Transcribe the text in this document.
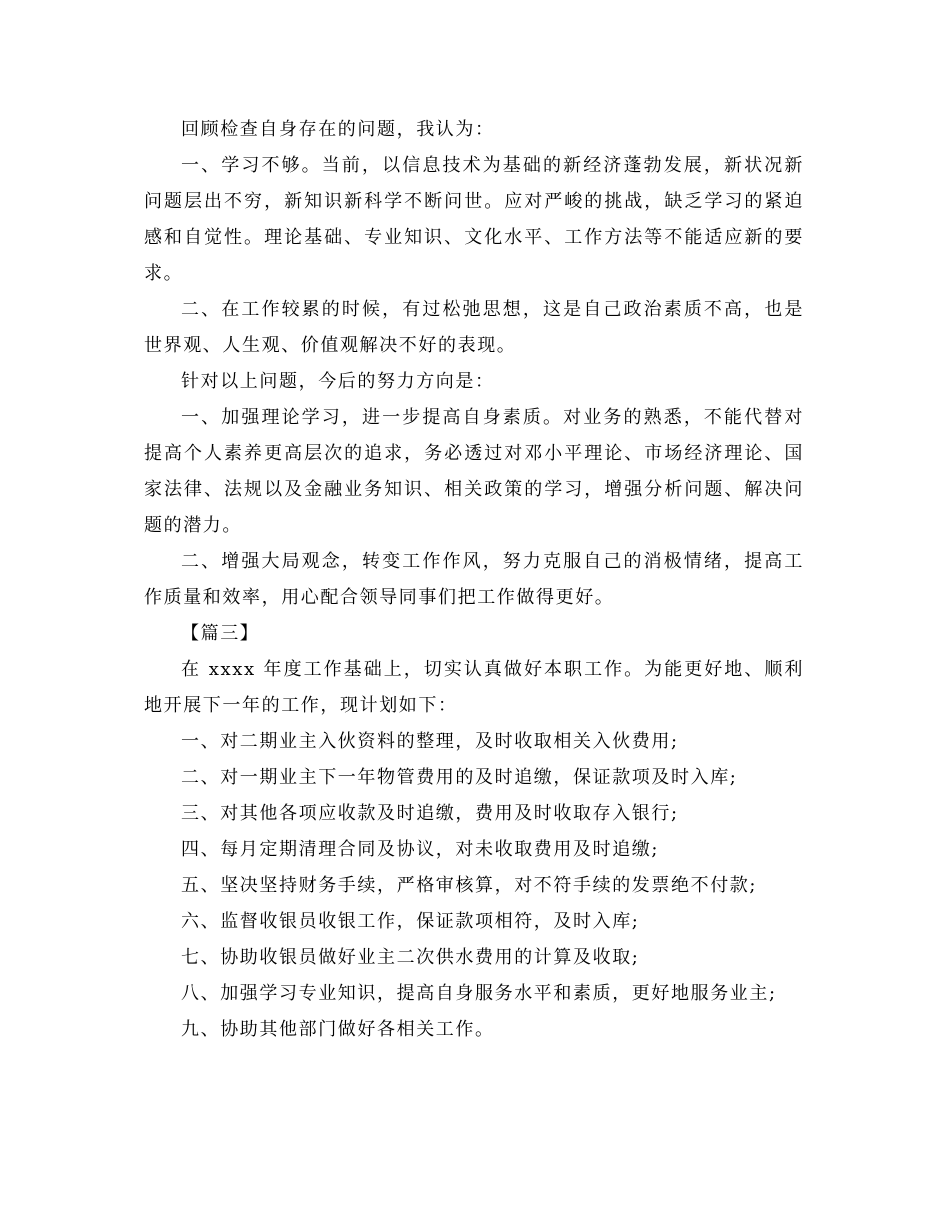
回顾检查自身存在的问题，我认为：

一、学习不够。当前，以信息技术为基础的新经济蓬勃发展，新状况新问题层出不穷，新知识新科学不断问世。应对严峻的挑战，缺乏学习的紧迫感和自觉性。理论基础、专业知识、文化水平、工作方法等不能适应新的要求。

二、在工作较累的时候，有过松弛思想，这是自己政治素质不高，也是世界观、人生观、价值观解决不好的表现。

针对以上问题，今后的努力方向是：

一、加强理论学习，进一步提高自身素质。对业务的熟悉，不能代替对提高个人素养更高层次的追求，务必透过对邓小平理论、市场经济理论、国家法律、法规以及金融业务知识、相关政策的学习，增强分析问题、解决问题的潜力。

二、增强大局观念，转变工作作风，努力克服自己的消极情绪，提高工作质量和效率，用心配合领导同事们把工作做得更好。

【篇三】

在 xxxx 年度工作基础上，切实认真做好本职工作。为能更好地、顺利地开展下一年的工作，现计划如下：

一、对二期业主入伙资料的整理，及时收取相关入伙费用;

二、对一期业主下一年物管费用的及时追缴，保证款项及时入库;

三、对其他各项应收款及时追缴，费用及时收取存入银行;

四、每月定期清理合同及协议，对未收取费用及时追缴;

五、坚决坚持财务手续，严格审核算，对不符手续的发票绝不付款;

六、监督收银员收银工作，保证款项相符，及时入库;

七、协助收银员做好业主二次供水费用的计算及收取;

八、加强学习专业知识，提高自身服务水平和素质，更好地服务业主;

九、协助其他部门做好各相关工作。
